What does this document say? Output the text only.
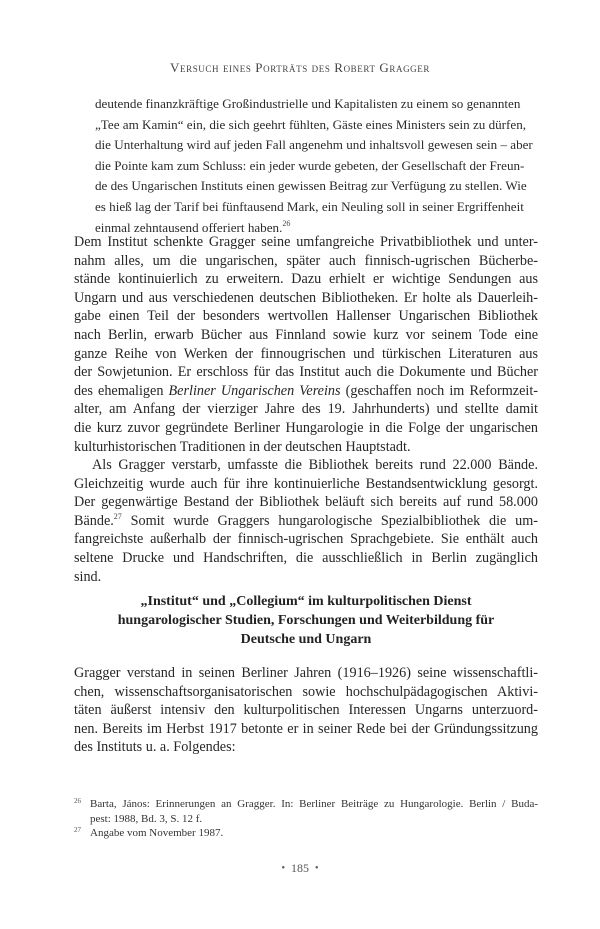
Versuch eines Porträts des Robert Gragger
deutende finanzkräftige Großindustrielle und Kapitalisten zu einem so genannten
„Tee am Kamin“ ein, die sich geehrt fühlten, Gäste eines Ministers sein zu dürfen,
die Unterhaltung wird auf jeden Fall angenehm und inhaltsvoll gewesen sein – aber
die Pointe kam zum Schluss: ein jeder wurde gebeten, der Gesellschaft der Freun-
de des Ungarischen Instituts einen gewissen Beitrag zur Verfügung zu stellen. Wie
es hieß lag der Tarif bei fünftausend Mark, ein Neuling soll in seiner Ergriffenheit
einmal zehntausend offeriert haben.$^{26}$
Dem Institut schenkte Gragger seine umfangreiche Privatbibliothek und unter-
nahm alles, um die ungarischen, später auch finnisch-ugrischen Bücherbe-
stände kontinuierlich zu erweitern. Dazu erhielt er wichtige Sendungen aus
Ungarn und aus verschiedenen deutschen Bibliotheken. Er holte als Dauerleih-
gabe einen Teil der besonders wertvollen Hallenser Ungarischen Bibliothek
nach Berlin, erwarb Bücher aus Finnland sowie kurz vor seinem Tode eine
ganze Reihe von Werken der finnougrischen und türkischen Literaturen aus
der Sowjetunion. Er erschloss für das Institut auch die Dokumente und Bücher
des ehemaligen Berliner Ungarischen Vereins (geschaffen noch im Reformzeit-
alter, am Anfang der vierziger Jahre des 19. Jahrhunderts) und stellte damit
die kurz zuvor gegründete Berliner Hungarologie in die Folge der ungarischen
kulturhistorischen Traditionen in der deutschen Hauptstadt.
Als Gragger verstarb, umfasste die Bibliothek bereits rund 22.000 Bände.
Gleichzeitig wurde auch für ihre kontinuierliche Bestandsentwicklung gesorgt.
Der gegenwärtige Bestand der Bibliothek beläuft sich bereits auf rund 58.000
Bände.$^{27}$ Somit wurde Graggers hungarologische Spezialbibliothek die um-
fangreichste außerhalb der finnisch-ugrischen Sprachgebiete. Sie enthält auch
seltene Drucke und Handschriften, die ausschließlich in Berlin zugänglich
sind.
„Institut“ und „Collegium“ im kulturpolitischen Dienst
hungarologischer Studien, Forschungen und Weiterbildung für
Deutsche und Ungarn
Gragger verstand in seinen Berliner Jahren (1916–1926) seine wissenschaftli-
chen, wissenschaftsorganisatorischen sowie hochschulpädagogischen Aktivi-
täten äußerst intensiv den kulturpolitischen Interessen Ungarns unterzuord-
nen. Bereits im Herbst 1917 betonte er in seiner Rede bei der Gründungssitzung
des Instituts u. a. Folgendes:
26 Barta, János: Erinnerungen an Gragger. In: Berliner Beiträge zu Hungarologie. Berlin / Buda-
pest: 1988, Bd. 3, S. 12 f.
27 Angabe vom November 1987.
• 185 •
